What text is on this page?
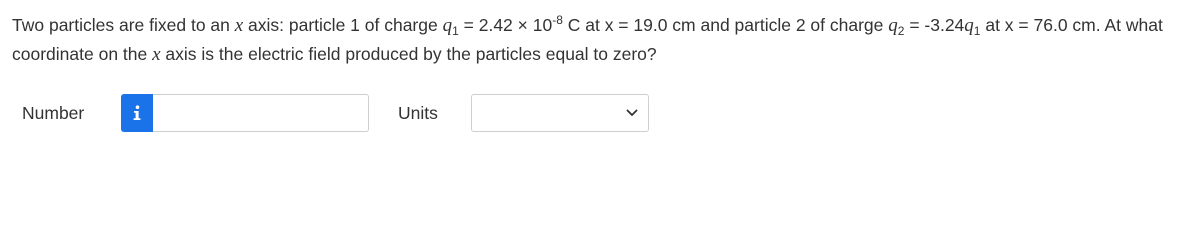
Two particles are fixed to an x axis: particle 1 of charge $q_1 = 2.42 \times 10^{-8}$ C at x = 19.0 cm and particle 2 of charge $q_2 = -3.24q_1$ at x = 76.0 cm. At what coordinate on the x axis is the electric field produced by the particles equal to zero?

Number	Units
